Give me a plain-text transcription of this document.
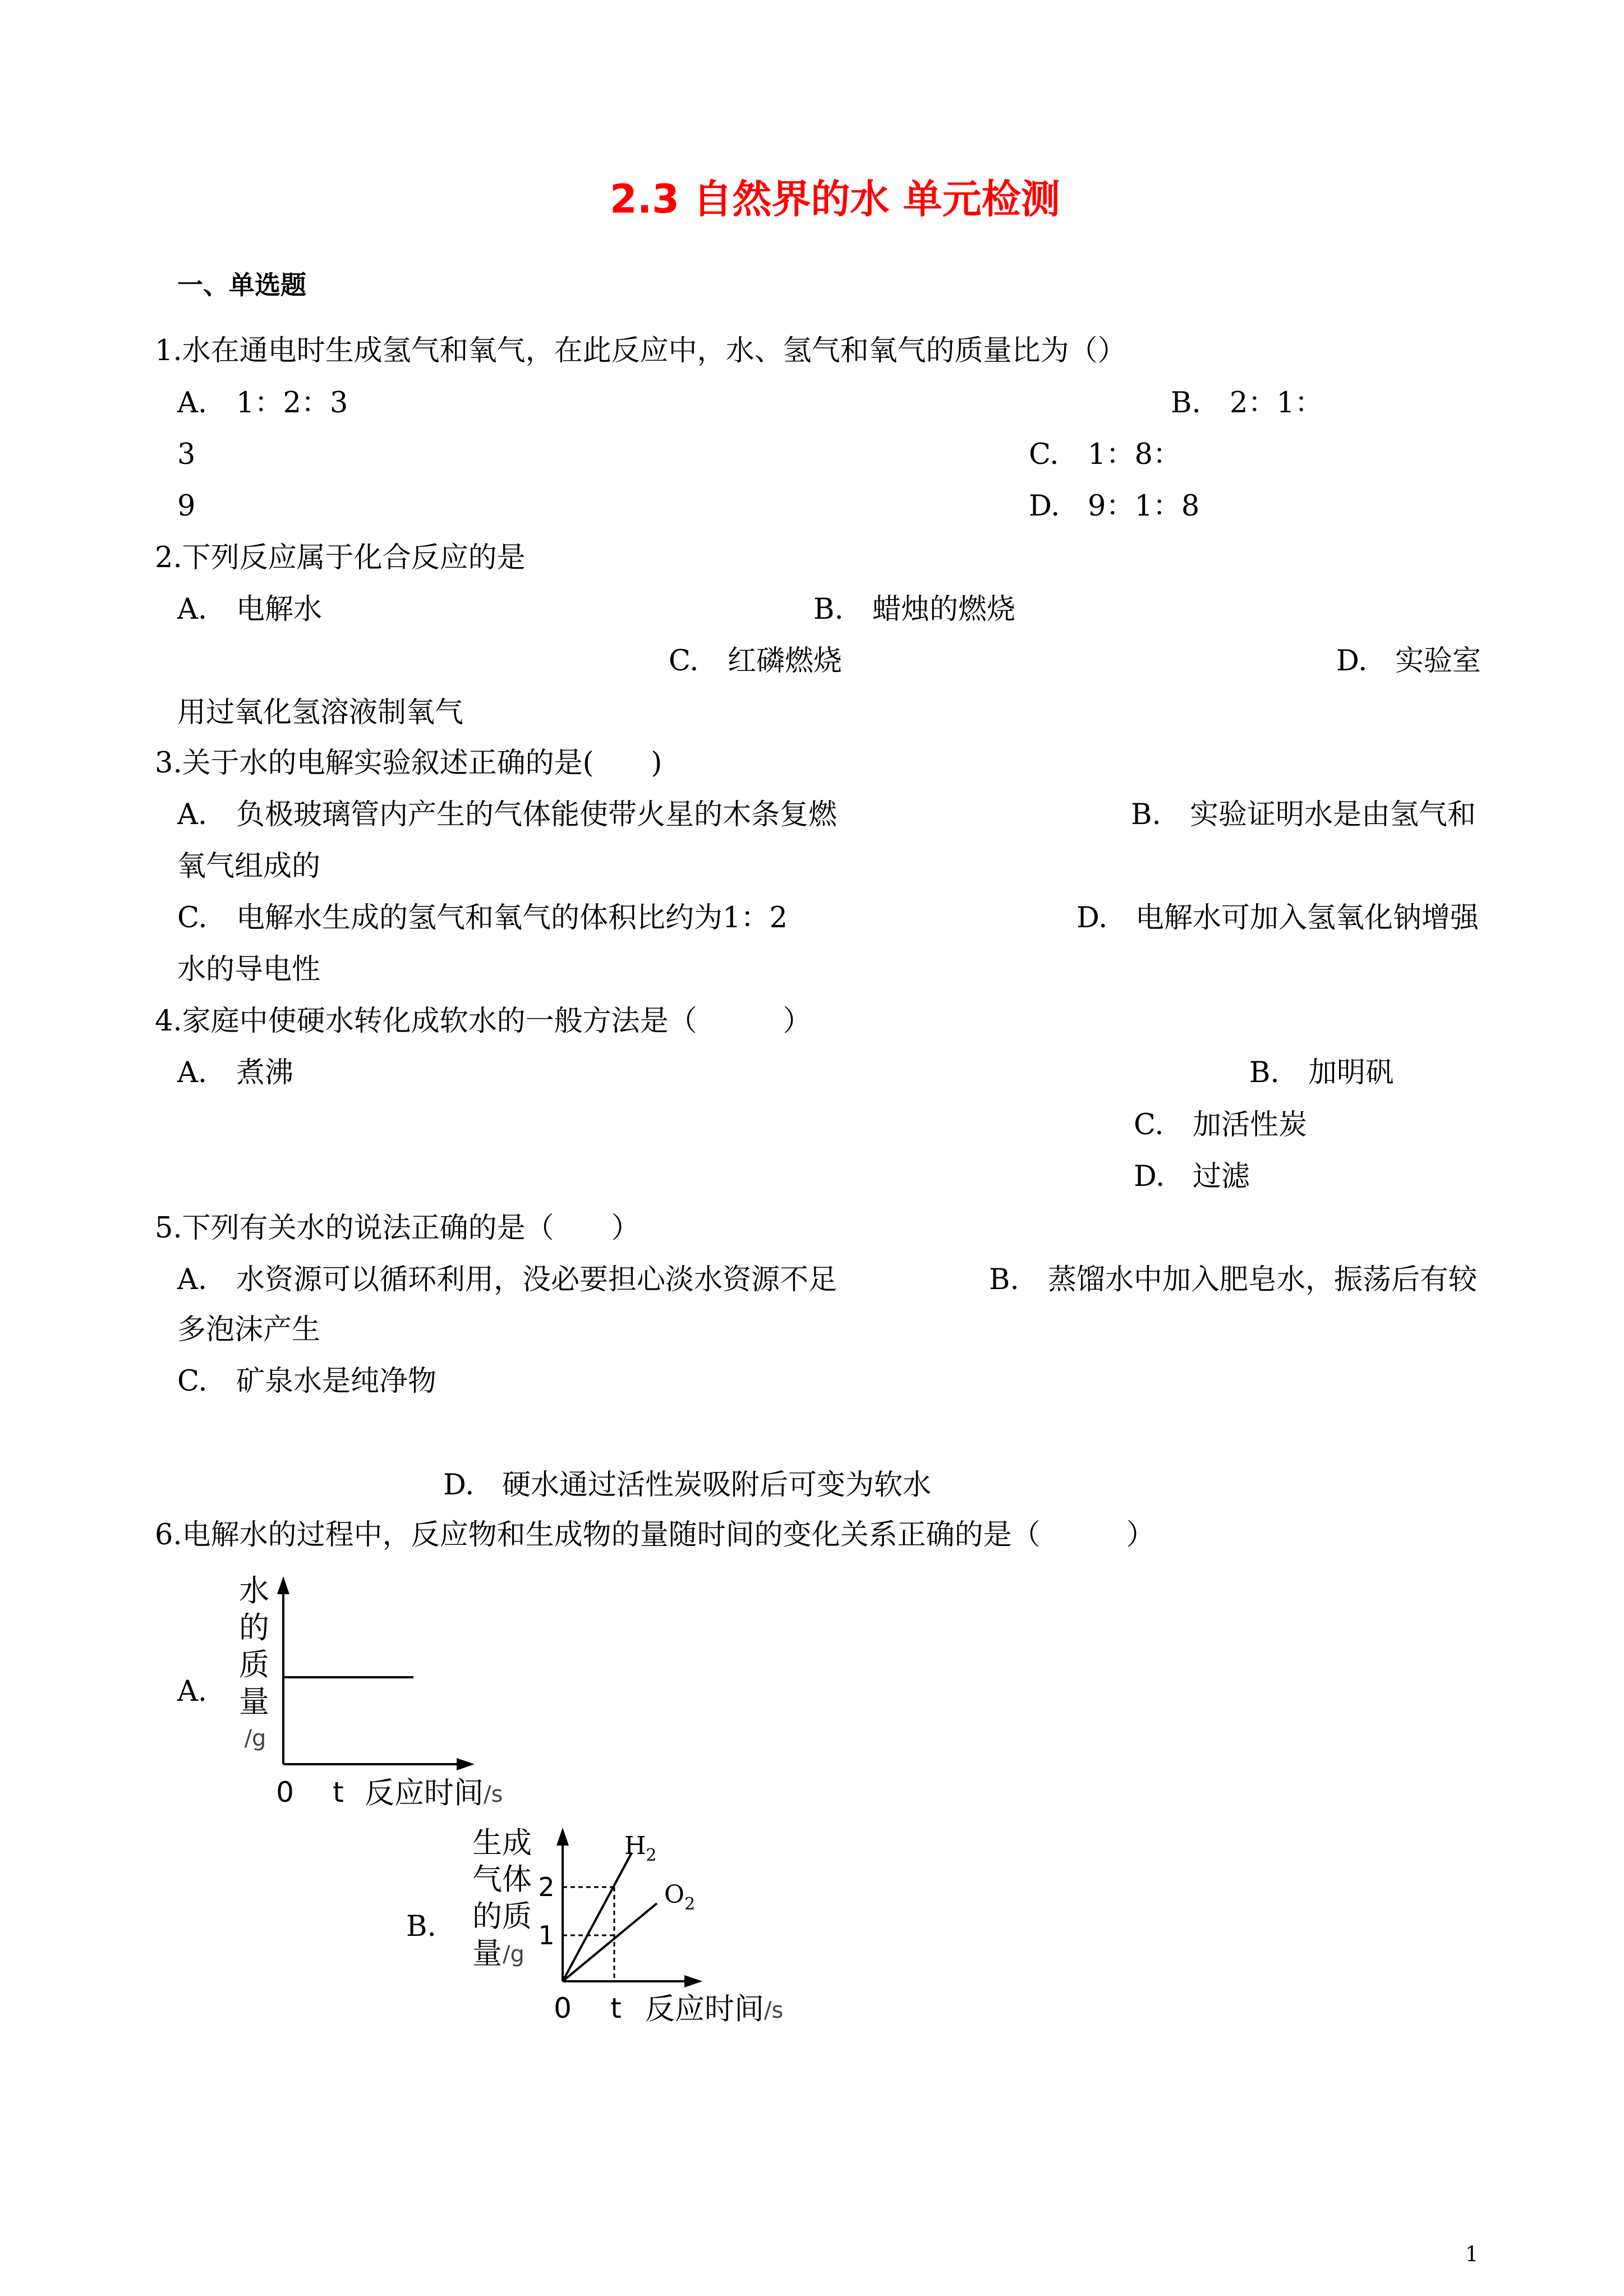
2.3 自然界的水 单元检测
一、单选题
1.水在通电时生成氢气和氧气，在此反应中，水、氢气和氧气的质量比为（）
A. 1：2：3	B. 2：1：
3	C. 1：8：
9	D. 9：1：8
2.下列反应属于化合反应的是
A. 电解水	B. 蜡烛的燃烧
C. 红磷燃烧	D. 实验室
用过氧化氢溶液制氧气
3.关于水的电解实验叙述正确的是(　　)
A. 负极玻璃管内产生的气体能使带火星的木条复燃	B. 实验证明水是由氢气和
氧气组成的
C. 电解水生成的氢气和氧气的体积比约为1：2	D. 电解水可加入氢氧化钠增强
水的导电性
4.家庭中使硬水转化成软水的一般方法是（　　　）
A. 煮沸	B. 加明矾
C. 加活性炭
D. 过滤
5.下列有关水的说法正确的是（　　）
A. 水资源可以循环利用，没必要担心淡水资源不足	B. 蒸馏水中加入肥皂水，振荡后有较
多泡沫产生
C. 矿泉水是纯净物
D. 硬水通过活性炭吸附后可变为软水
6.电解水的过程中，反应物和生成物的量随时间的变化关系正确的是（　　　）
A.
水
的
质
量
/g
0 t 反应时间 /s
B.
生成
气体
的质
量 /g
2
1
$H_2$
$O_2$
0 t 反应时间 /s
1
